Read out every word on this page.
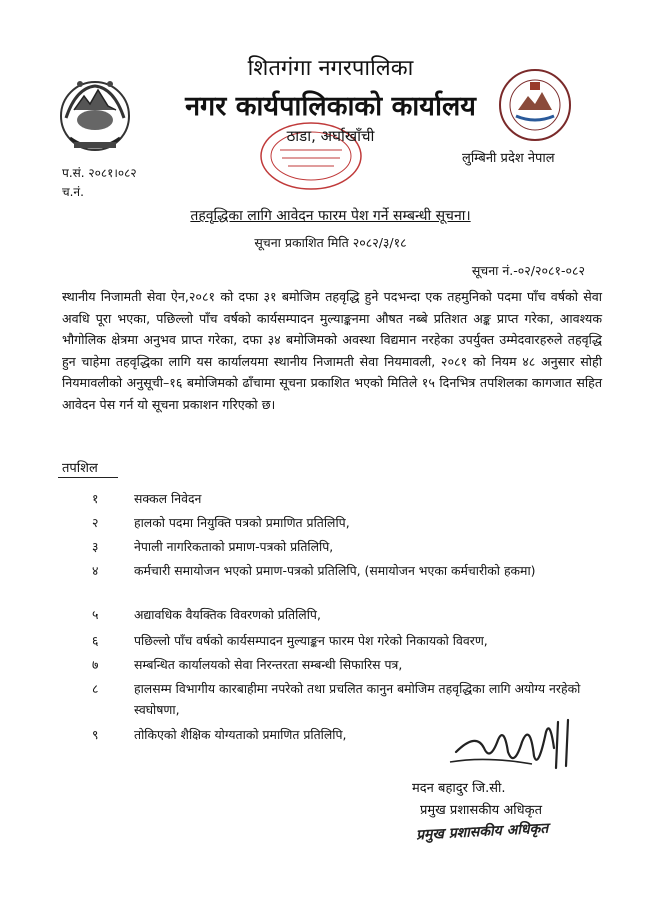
शितगंगा नगरपालिका
नगर कार्यपालिकाको कार्यालय
ठाडा, अर्घाखाँची
लुम्बिनी प्रदेश नेपाल
प.सं. २०८१।०८२
च.नं.
तहवृद्धिका लागि आवेदन फारम पेश गर्ने सम्बन्धी सूचना।
सूचना प्रकाशित मिति २०८२/३/१८
सूचना नं.-०२/२०८१-०८२
स्थानीय निजामती सेवा ऐन,२०८१ को दफा ३१ बमोजिम तहवृद्धि हुने पदभन्दा एक तहमुनिको पदमा पाँच वर्षको सेवा अवधि पूरा भएका, पछिल्लो पाँच वर्षको कार्यसम्पादन मुल्याङ्कनमा औषत नब्बे प्रतिशत अङ्क प्राप्त गरेका, आवश्यक भौगोलिक क्षेत्रमा अनुभव प्राप्त गरेका, दफा ३४ बमोजिमको अवस्था विद्यमान नरहेका उपर्युक्त उम्मेदवारहरुले तहवृद्धि हुन चाहेमा तहवृद्धिका लागि यस कार्यालयमा स्थानीय निजामती सेवा नियमावली, २०८१ को नियम ४८ अनुसार सोही नियमावलीको अनुसूची–१६ बमोजिमको ढाँचामा सूचना प्रकाशित भएको मितिले १५ दिनभित्र तपशिलका कागजात सहित आवेदन पेस गर्न यो सूचना प्रकाशन गरिएको छ।
तपशिल
१	सक्कल निवेदन
२	हालको पदमा नियुक्ति पत्रको प्रमाणित प्रतिलिपि,
३	नेपाली नागरिकताको प्रमाण-पत्रको प्रतिलिपि,
४	कर्मचारी समायोजन भएको प्रमाण-पत्रको प्रतिलिपि, (समायोजन भएका कर्मचारीको हकमा)
५	अद्यावधिक वैयक्तिक विवरणको प्रतिलिपि,
६	पछिल्लो पाँच वर्षको कार्यसम्पादन मुल्याङ्कन फारम पेश गरेको निकायको विवरण,
७	सम्बन्धित कार्यालयको सेवा निरन्तरता सम्बन्धी सिफारिस पत्र,
८	हालसम्म विभागीय कारबाहीमा नपरेको तथा प्रचलित कानुन बमोजिम तहवृद्धिका लागि अयोग्य नरहेको स्वघोषणा,
९	तोकिएको शैक्षिक योग्यताको प्रमाणित प्रतिलिपि,
मदन बहादुर जि.सी.
प्रमुख प्रशासकीय अधिकृत
प्रमुख प्रशासकीय अधिकृत
